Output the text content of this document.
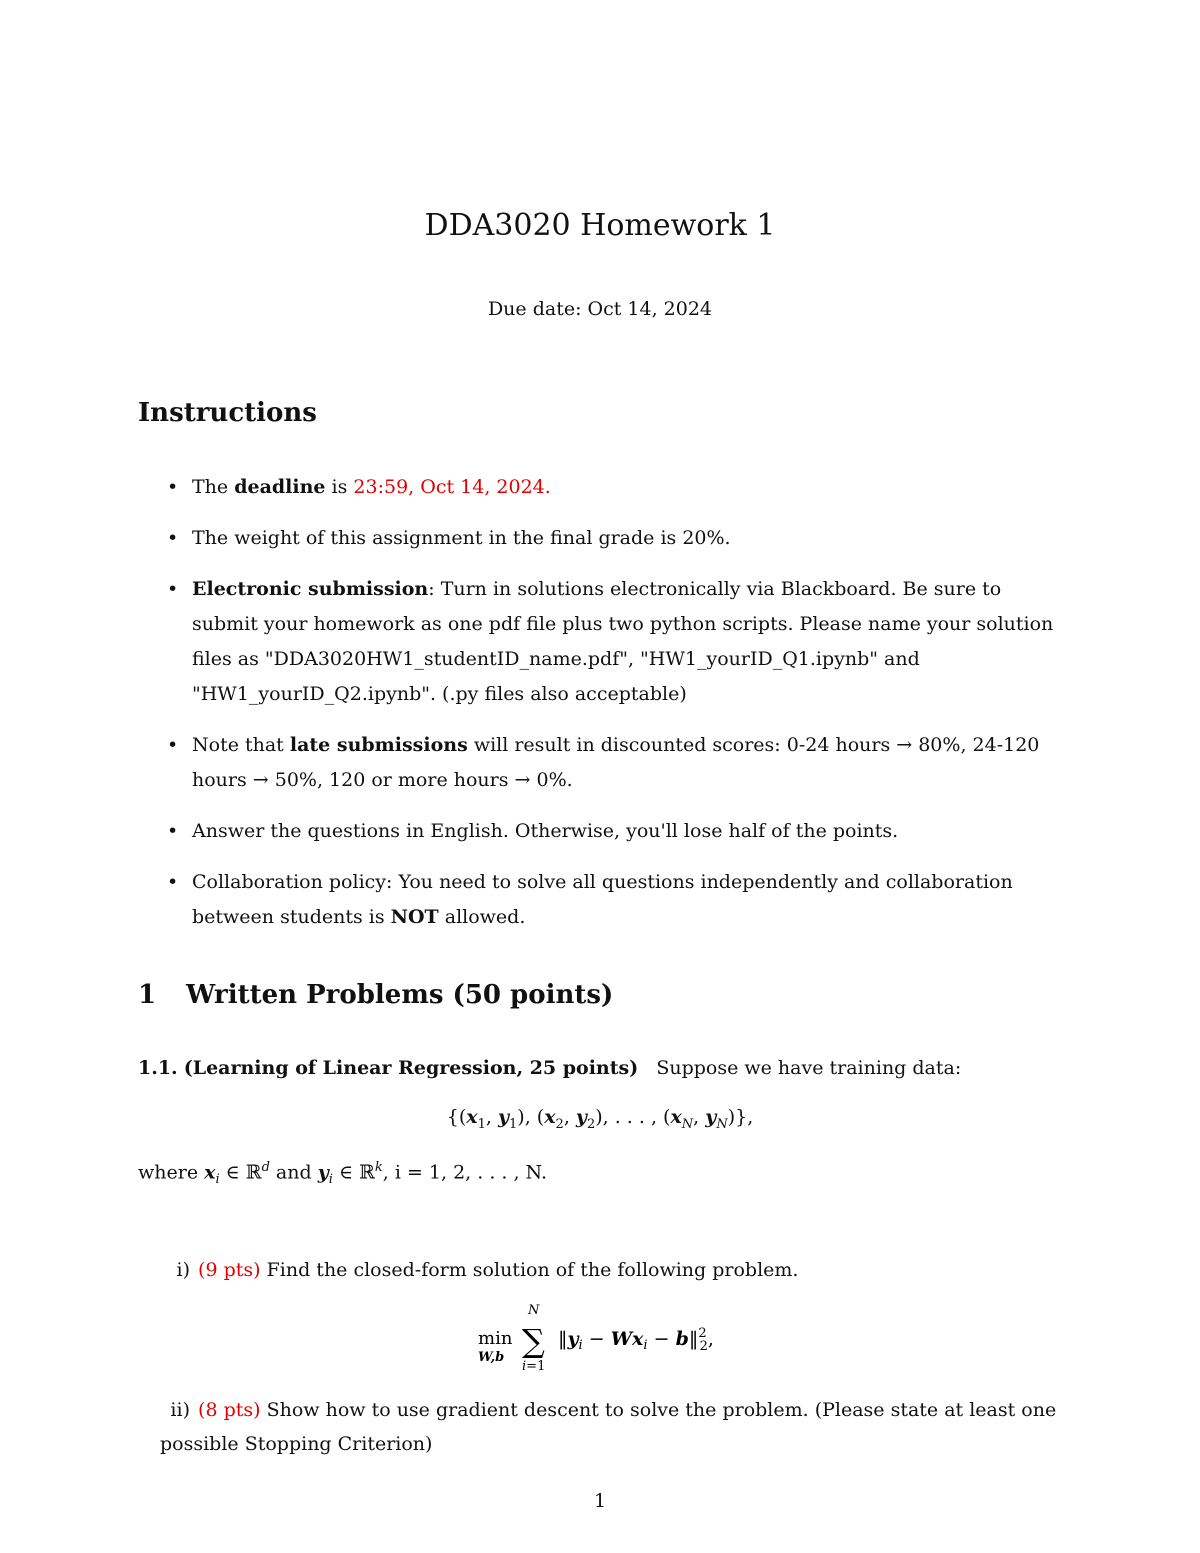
DDA3020 Homework 1
Due date: Oct 14, 2024
Instructions
• The deadline is 23:59, Oct 14, 2024.
• The weight of this assignment in the final grade is 20%.
• Electronic submission: Turn in solutions electronically via Blackboard. Be sure to submit your homework as one pdf file plus two python scripts. Please name your solution files as "DDA3020HW1_studentID_name.pdf", "HW1_yourID_Q1.ipynb" and "HW1_yourID_Q2.ipynb". (.py files also acceptable)
• Note that late submissions will result in discounted scores: 0-24 hours → 80%, 24-120 hours → 50%, 120 or more hours → 0%.
• Answer the questions in English. Otherwise, you'll lose half of the points.
• Collaboration policy: You need to solve all questions independently and collaboration between students is NOT allowed.
1 Written Problems (50 points)
1.1. (Learning of Linear Regression, 25 points) Suppose we have training data:
{($x_1$, $y_1$), ($x_2$, $y_2$), . . . , ($x_N$, $y_N$)},
where $x_i$ ∈ ℝ$^d$ and $y_i$ ∈ ℝ$^k$, i = 1, 2, . . . , N.
i) (9 pts) Find the closed-form solution of the following problem.
min
W,b ∑
N
i=1
$‖y_i - Wx_i$ − b‖$^2$ 2,
ii) (8 pts) Show how to use gradient descent to solve the problem. (Please state at least one possible Stopping Criterion)
1
